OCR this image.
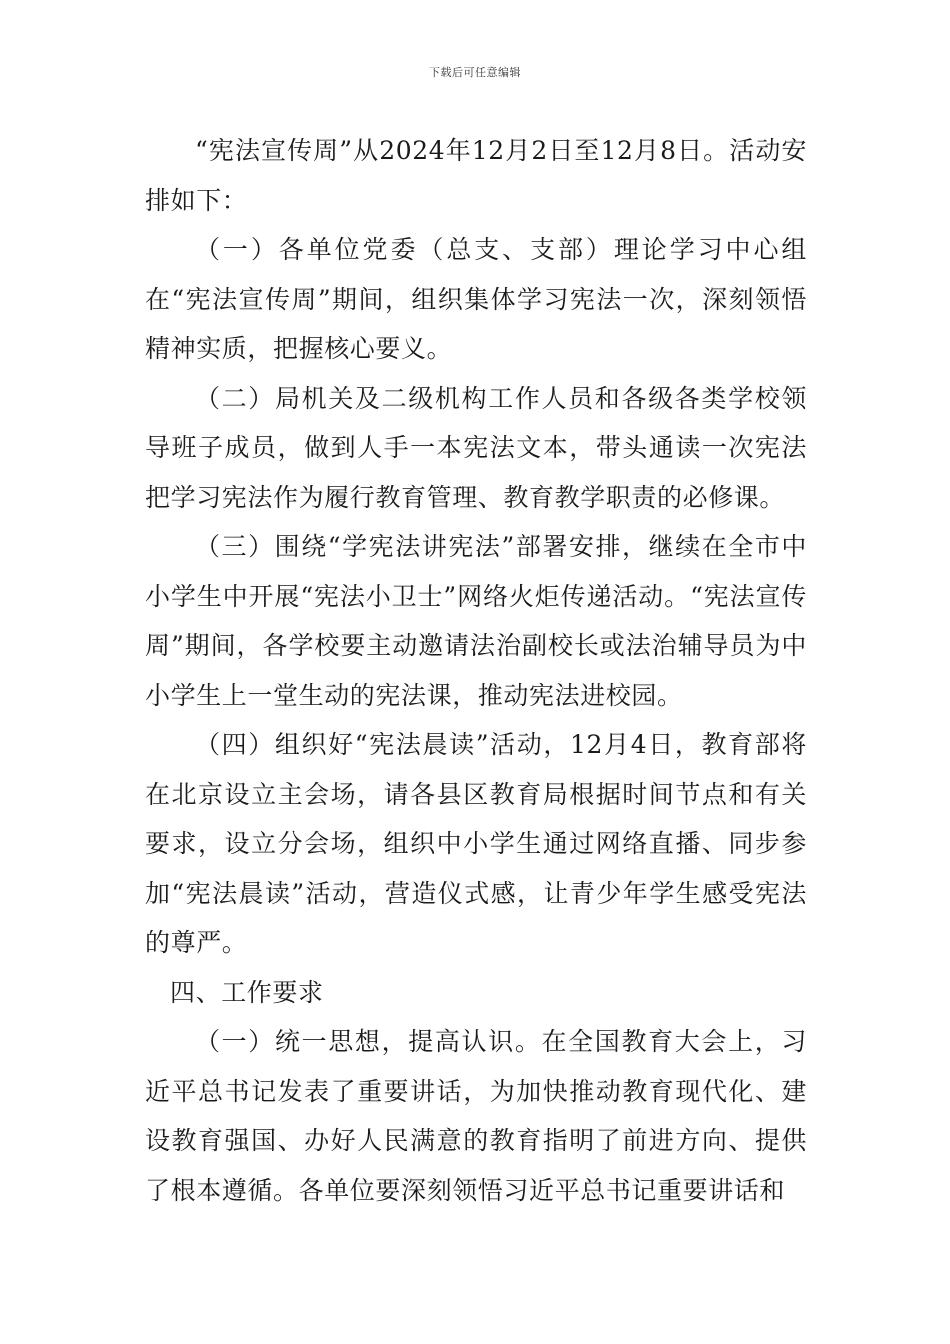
下载后可任意编辑

“宪法宣传周”从2024年12月2日至12月8日。活动安排如下：

（一）各单位党委（总支、支部）理论学习中心组在“宪法宣传周”期间，组织集体学习宪法一次，深刻领悟精神实质，把握核心要义。

（二）局机关及二级机构工作人员和各级各类学校领导班子成员，做到人手一本宪法文本，带头通读一次宪法把学习宪法作为履行教育管理、教育教学职责的必修课。

（三）围绕“学宪法讲宪法”部署安排，继续在全市中小学生中开展“宪法小卫士”网络火炬传递活动。“宪法宣传周”期间，各学校要主动邀请法治副校长或法治辅导员为中小学生上一堂生动的宪法课，推动宪法进校园。

（四）组织好“宪法晨读”活动，12月4日，教育部将在北京设立主会场，请各县区教育局根据时间节点和有关要求，设立分会场，组织中小学生通过网络直播、同步参加“宪法晨读”活动，营造仪式感，让青少年学生感受宪法的尊严。

四、工作要求

（一）统一思想，提高认识。在全国教育大会上，习近平总书记发表了重要讲话，为加快推动教育现代化、建设教育强国、办好人民满意的教育指明了前进方向、提供了根本遵循。各单位要深刻领悟习近平总书记重要讲话和
